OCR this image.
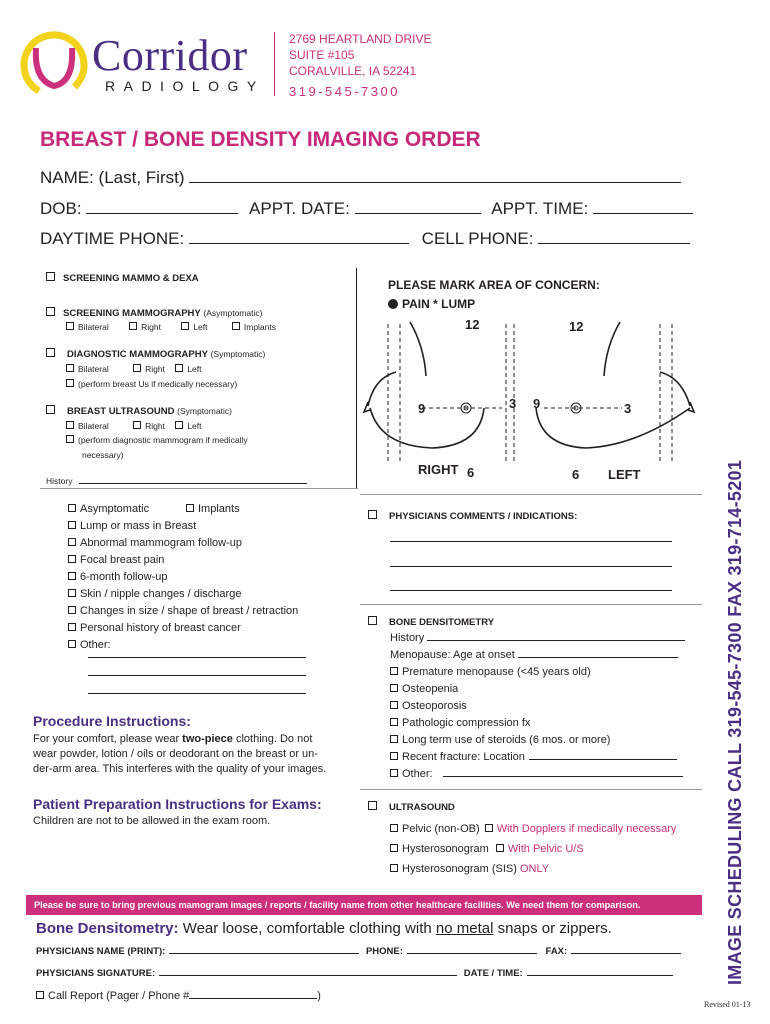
Corridor
RADIOLOGY
2769 HEARTLAND DRIVE
SUITE #105
CORALVILLE, IA 52241
319-545-7300
BREAST / BONE DENSITY IMAGING ORDER
NAME: (Last, First)
DOB:	APPT. DATE:	APPT. TIME:
DAYTIME PHONE:	CELL PHONE:
SCREENING MAMMO & DEXA
SCREENING MAMMOGRAPHY (Asymptomatic)
Bilateral	Right	Left	Implants
DIAGNOSTIC MAMMOGRAPHY (Symptomatic)
Bilateral	Right	Left
(perform breast Us if medically necessary)
BREAST ULTRASOUND (Symptomatic)
Bilateral	Right	Left
(perform diagnostic mammogram if medically
necessary)
History
Asymptomatic	Implants
Lump or mass in Breast
Abnormal mammogram follow-up
Focal breast pain
6-month follow-up
Skin / nipple changes / discharge
Changes in size / shape of breast / retraction
Personal history of breast cancer
Other:
Procedure Instructions:
For your comfort, please wear two-piece clothing. Do not
wear powder, lotion / oils or deodorant on the breast or un-
der-arm area. This interferes with the quality of your images.
Patient Preparation Instructions for Exams:
Children are not to be allowed in the exam room.
PLEASE MARK AREA OF CONCERN:
PAIN * LUMP
12	12
9	3	3
9
6	6
RIGHT	LEFT
PHYSICIANS COMMENTS / INDICATIONS:
BONE DENSITOMETRY
History
Menopause: Age at onset
Premature menopause (<45 years old)
Osteopenia
Osteoporosis
Pathologic compression fx
Long term use of steroids (6 mos. or more)
Recent fracture: Location
Other:
ULTRASOUND
Pelvic (non-OB) With Dopplers if medically necessary
Hysterosonogram With Pelvic U/S
Hysterosonogram (SIS) ONLY
Please be sure to bring previous mamogram images / reports / facility name from other healthcare facilities. We need them for comparison.
Bone Densitometry: Wear loose, comfortable clothing with no metal snaps or zippers.
PHYSICIANS NAME (PRINT):	PHONE:	FAX:
PHYSICIANS SIGNATURE:	DATE / TIME:
Call Report (Pager / Phone #	)
Revised 01-13
IMAGE SCHEDULING CALL 319-545-7300 FAX 319-714-5201
